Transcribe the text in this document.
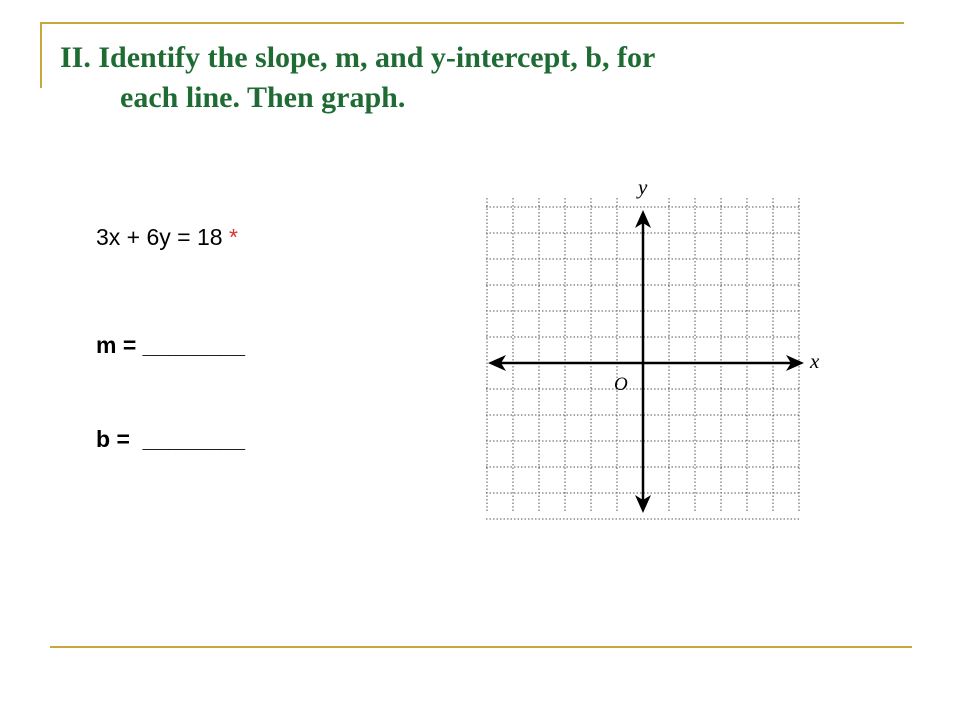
II. Identify the slope, m, and y-intercept, b, for
each line. Then graph.
3x + 6y = 18 *
m = ________
b =  ________
y
x
O
